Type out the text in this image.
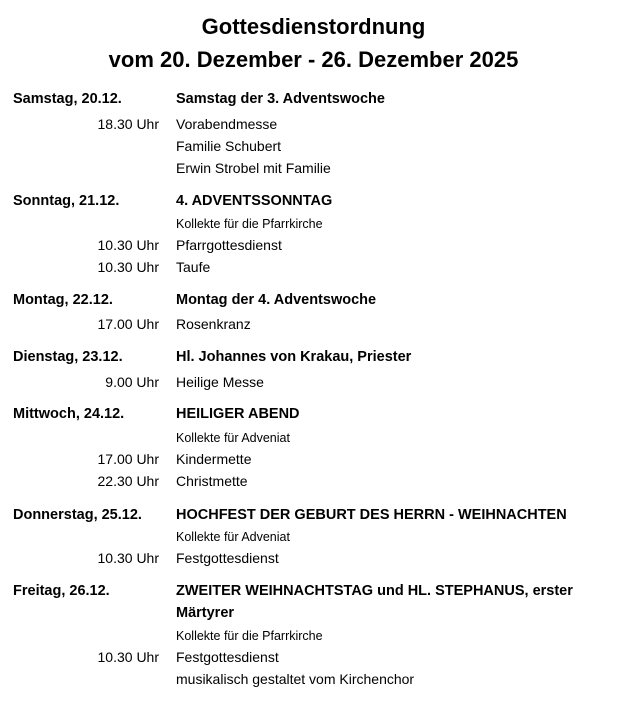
Gottesdienstordnung
vom 20. Dezember - 26. Dezember 2025
Samstag, 20.12.	Samstag der 3. Adventswoche
18.30 Uhr Vorabendmesse
Familie Schubert
Erwin Strobel mit Familie
Sonntag, 21.12.	4. ADVENTSSONNTAG
Kollekte für die Pfarrkirche
10.30 Uhr Pfarrgottesdienst
10.30 Uhr Taufe
Montag, 22.12.	Montag der 4. Adventswoche
17.00 Uhr Rosenkranz
Dienstag, 23.12.	Hl. Johannes von Krakau, Priester
9.00 Uhr Heilige Messe
Mittwoch, 24.12.	HEILIGER ABEND
Kollekte für Adveniat
17.00 Uhr Kindermette
22.30 Uhr Christmette
Donnerstag, 25.12. HOCHFEST DER GEBURT DES HERRN - WEIHNACHTEN
Kollekte für Adveniat
10.30 Uhr Festgottesdienst
Freitag, 26.12.	ZWEITER WEIHNACHTSTAG und HL. STEPHANUS, erster
Märtyrer
Kollekte für die Pfarrkirche
10.30 Uhr Festgottesdienst
musikalisch gestaltet vom Kirchenchor
